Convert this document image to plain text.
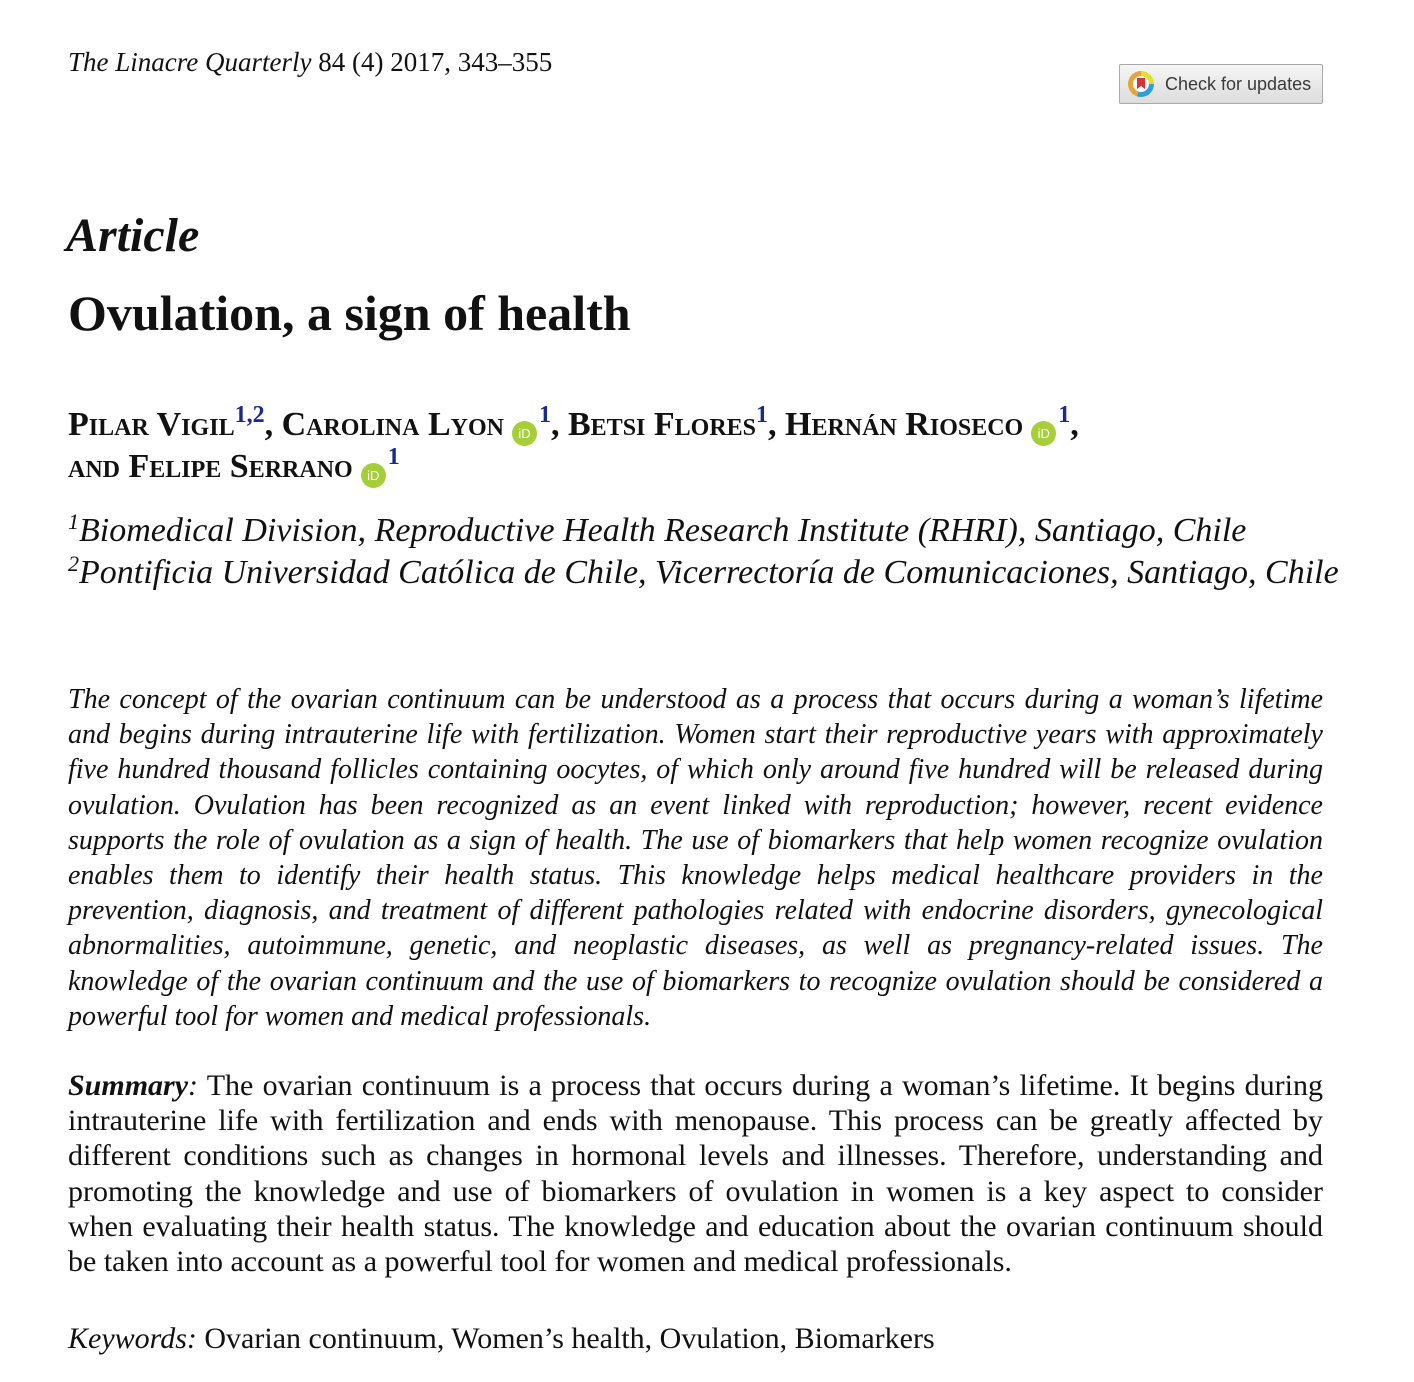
The Linacre Quarterly 84 (4) 2017, 343–355
Check for updates
Article
Ovulation, a sign of health
Pilar Vigil$^{1,2}$, Carolina LyoniD $^1$, Betsi Flores$^1$, Hernán RiosecoiD $^1$,
and Felipe SerranoiD $^1$
$^1$Biomedical Division, Reproductive Health Research Institute (RHRI), Santiago, Chile
$^2$Pontificia Universidad Católica de Chile, Vicerrectoría de Comunicaciones, Santiago, Chile
The concept of the ovarian continuum can be understood as a process that occurs during a woman’s lifetime and begins during intrauterine life with fertilization. Women start their reproductive years with approximately five hundred thousand follicles containing oocytes, of which only around five hundred will be released during ovulation. Ovulation has been recognized as an event linked with reproduction; however, recent evidence supports the role of ovulation as a sign of health. The use of biomarkers that help women recognize ovulation enables them to identify their health status. This knowledge helps medical healthcare providers in the prevention, diagnosis, and treatment of different pathologies related with endocrine disorders, gynecological abnormalities, autoimmune, genetic, and neoplastic diseases, as well as pregnancy-related issues. The knowledge of the ovarian continuum and the use of biomarkers to recognize ovulation should be considered a powerful tool for women and medical professionals.
Summary: The ovarian continuum is a process that occurs during a woman’s lifetime. It begins during intrauterine life with fertilization and ends with menopause. This process can be greatly affected by different conditions such as changes in hormonal levels and illnesses. Therefore, understanding and promoting the knowledge and use of biomarkers of ovulation in women is a key aspect to consider when evaluating their health status. The knowledge and education about the ovarian continuum should be taken into account as a powerful tool for women and medical professionals.
Keywords: Ovarian continuum, Women’s health, Ovulation, Biomarkers
